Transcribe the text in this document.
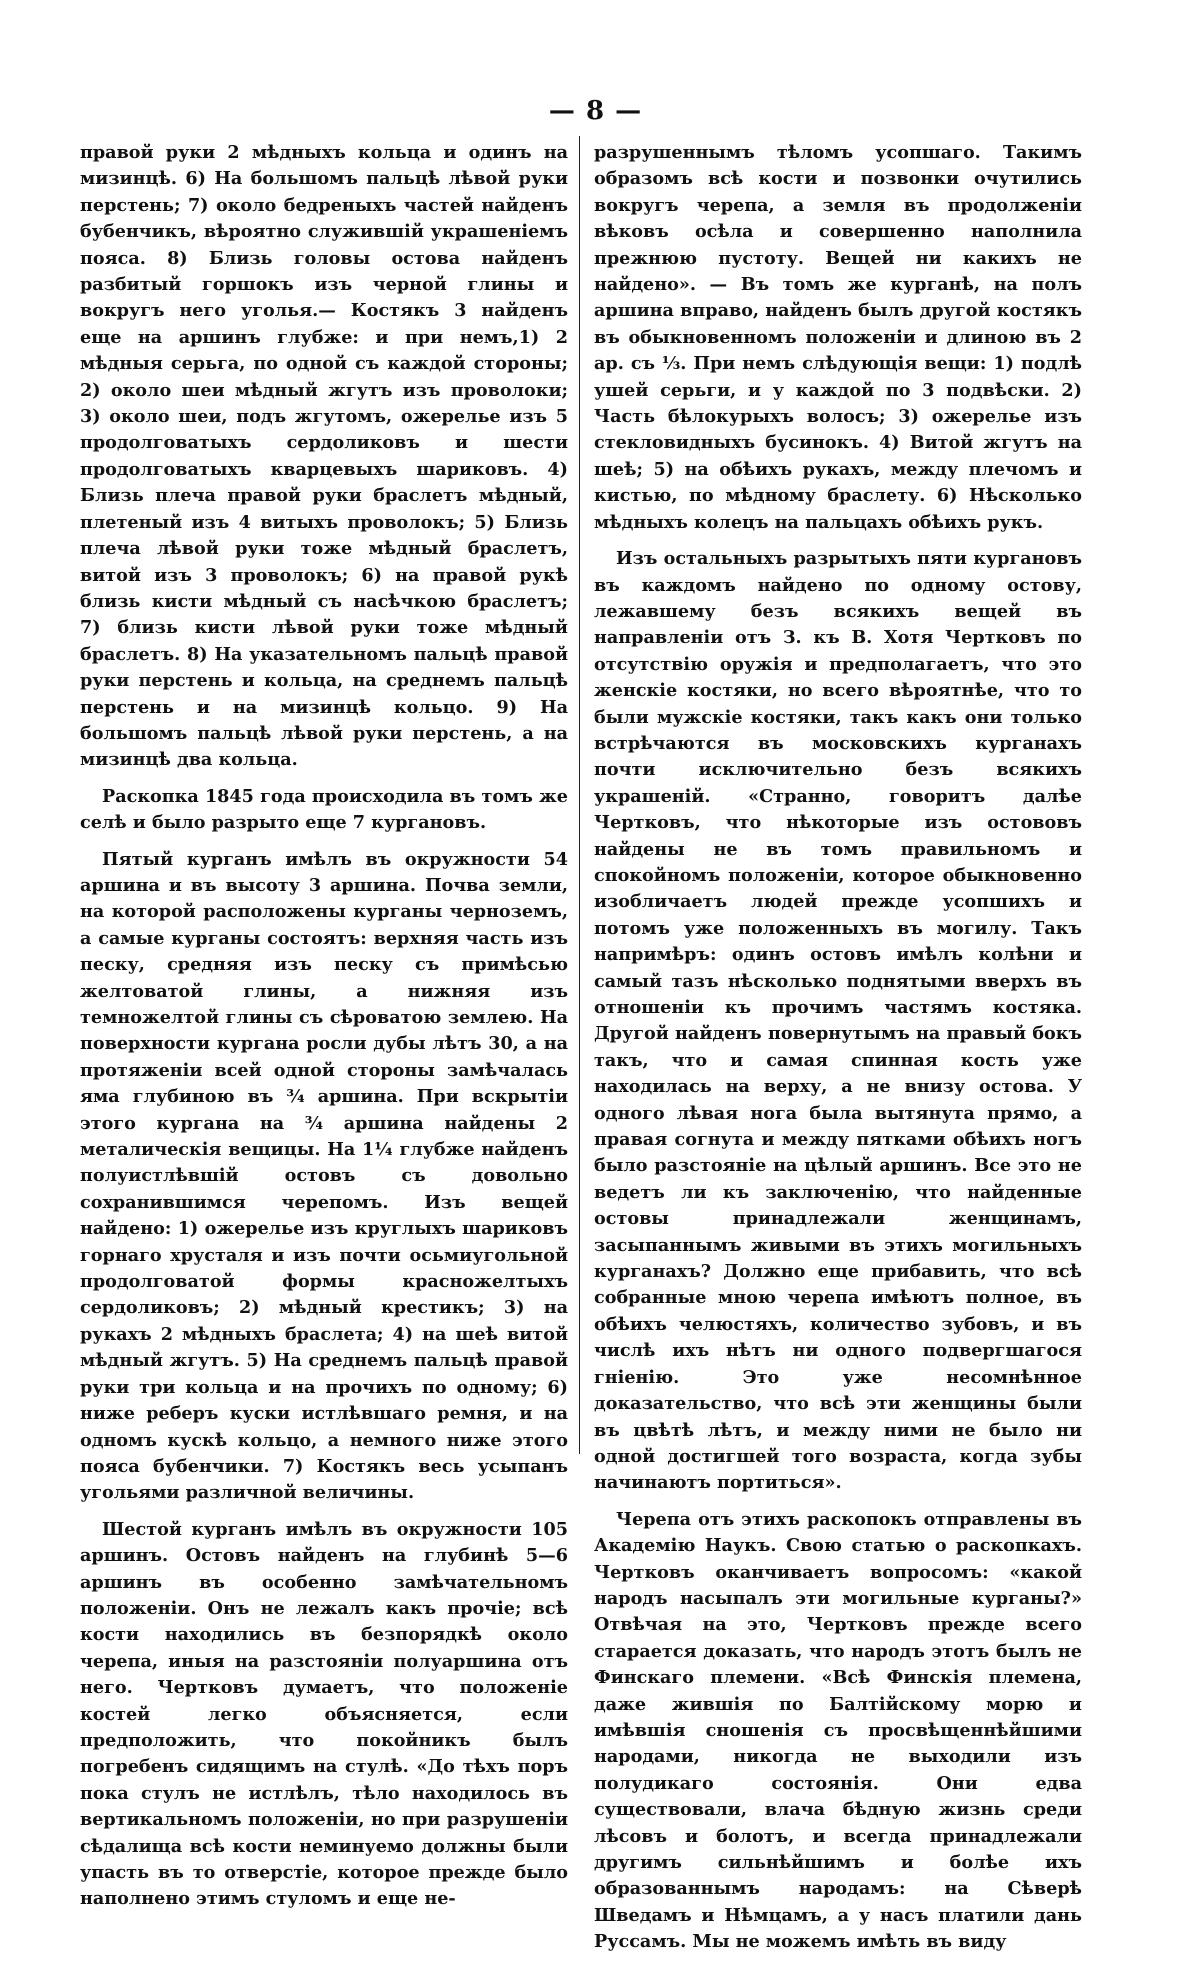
— 8 —

правой руки 2 мѣдныхъ кольца и одинъ на мизинцѣ. 6) На большомъ пальцѣ лѣвой руки перстень; 7) около бедреныхъ частей найденъ бубенчикъ, вѣроятно служившій украшеніемъ пояса. 8) Близь головы остова найденъ разбитый горшокъ изъ черной глины и вокругъ него уголья.— Костякъ 3 найденъ еще на аршинъ глубже: и при немъ,1) 2 мѣдныя серьга, по одной съ каждой стороны; 2) около шеи мѣдный жгутъ изъ проволоки; 3) около шеи, подъ жгутомъ, ожерелье изъ 5 продолговатыхъ сердоликовъ и шести продолговатыхъ кварцевыхъ шариковъ. 4) Близь плеча правой руки браслетъ мѣдный, плетеный изъ 4 витыхъ проволокъ; 5) Близь плеча лѣвой руки тоже мѣдный браслетъ, витой изъ 3 проволокъ; 6) на правой рукѣ близь кисти мѣдный съ насѣчкою браслетъ; 7) близь кисти лѣвой руки тоже мѣдный браслетъ. 8) На указательномъ пальцѣ правой руки перстень и кольца, на среднемъ пальцѣ перстень и на мизинцѣ кольцо. 9) На большомъ пальцѣ лѣвой руки перстень, а на мизинцѣ два кольца.

Раскопка 1845 года происходила въ томъ же селѣ и было разрыто еще 7 кургановъ.

Пятый курганъ имѣлъ въ окружности 54 аршина и въ высоту 3 аршина. Почва земли, на которой расположены курганы черноземъ, а самые курганы состоятъ: верхняя часть изъ песку, средняя изъ песку съ примѣсью желтоватой глины, а нижняя изъ темножелтой глины съ сѣроватою землею. На поверхности кургана росли дубы лѣтъ 30, а на протяженіи всей одной стороны замѣчалась яма глубиною въ ¾ аршина. При вскрытіи этого кургана на ¾ аршина найдены 2 металическія вещицы. На 1¼ глубже найденъ полуистлѣвшій остовъ съ довольно сохранившимся черепомъ. Изъ вещей найдено: 1) ожерелье изъ круглыхъ шариковъ горнаго хрусталя и изъ почти осьмиугольной продолговатой формы красножелтыхъ сердоликовъ; 2) мѣдный крестикъ; 3) на рукахъ 2 мѣдныхъ браслета; 4) на шеѣ витой мѣдный жгутъ. 5) На среднемъ пальцѣ правой руки три кольца и на прочихъ по одному; 6) ниже реберъ куски истлѣвшаго ремня, и на одномъ кускѣ кольцо, а немного ниже этого пояса бубенчики. 7) Костякъ весь усыпанъ угольями различной величины.

Шестой курганъ имѣлъ въ окружности 105 аршинъ. Остовъ найденъ на глубинѣ 5—6 аршинъ въ особенно замѣчательномъ положеніи. Онъ не лежалъ какъ прочіе; всѣ кости находились въ безпорядкѣ около черепа, иныя на разстояніи полуаршина отъ него. Чертковъ думаетъ, что положеніе костей легко объясняется, если предположить, что покойникъ былъ погребенъ сидящимъ на стулѣ. «До тѣхъ поръ пока стулъ не истлѣлъ, тѣло находилось въ вертикальномъ положеніи, но при разрушеніи сѣдалища всѣ кости неминуемо должны были упасть въ то отверстіе, которое прежде было наполнено этимъ стуломъ и еще не-

разрушеннымъ тѣломъ усопшаго. Такимъ образомъ всѣ кости и позвонки очутились вокругъ черепа, а земля въ продолженіи вѣковъ осѣла и совершенно наполнила прежнюю пустоту. Вещей ни какихъ не найдено». — Въ томъ же курганѣ, на полъ аршина вправо, найденъ былъ другой костякъ въ обыкновенномъ положеніи и длиною въ 2 ар. съ ⅓. При немъ слѣдующія вещи: 1) подлѣ ушей серьги, и у каждой по 3 подвѣски. 2) Часть бѣлокурыхъ волосъ; 3) ожерелье изъ стекловидныхъ бусинокъ. 4) Витой жгутъ на шеѣ; 5) на обѣихъ рукахъ, между плечомъ и кистью, по мѣдному браслету. 6) Нѣсколько мѣдныхъ колецъ на пальцахъ обѣихъ рукъ.

Изъ остальныхъ разрытыхъ пяти кургановъ въ каждомъ найдено по одному остову, лежавшему безъ всякихъ вещей въ направленіи отъ З. къ В. Хотя Чертковъ по отсутствію оружія и предполагаетъ, что это женскіе костяки, но всего вѣроятнѣе, что то были мужскіе костяки, такъ какъ они только встрѣчаются въ московскихъ курганахъ почти исключительно безъ всякихъ украшеній. «Странно, говоритъ далѣе Чертковъ, что нѣкоторые изъ остововъ найдены не въ томъ правильномъ и спокойномъ положеніи, которое обыкновенно изобличаетъ людей прежде усопшихъ и потомъ уже положенныхъ въ могилу. Такъ напримѣръ: одинъ остовъ имѣлъ колѣни и самый тазъ нѣсколько поднятыми вверхъ въ отношеніи къ прочимъ частямъ костяка. Другой найденъ повернутымъ на правый бокъ такъ, что и самая спинная кость уже находилась на верху, а не внизу остова. У одного лѣвая нога была вытянута прямо, а правая согнута и между пятками обѣихъ ногъ было разстояніе на цѣлый аршинъ. Все это не ведетъ ли къ заключенію, что найденные остовы принадлежали женщинамъ, засыпаннымъ живыми въ этихъ могильныхъ курганахъ? Должно еще прибавить, что всѣ собранные мною черепа имѣютъ полное, въ обѣихъ челюстяхъ, количество зубовъ, и въ числѣ ихъ нѣтъ ни одного подвергшагося гніенію. Это уже несомнѣнное доказательство, что всѣ эти женщины были въ цвѣтѣ лѣтъ, и между ними не было ни одной достигшей того возраста, когда зубы начинаютъ портиться».

Черепа отъ этихъ раскопокъ отправлены въ Академію Наукъ. Свою статью о раскопкахъ. Чертковъ оканчиваетъ вопросомъ: «какой народъ насыпалъ эти могильные курганы?» Отвѣчая на это, Чертковъ прежде всего старается доказать, что народъ этотъ былъ не Финскаго племени. «Всѣ Финскія племена, даже жившія по Балтійскому морю и имѣвшія сношенія съ просвѣщеннѣйшими народами, никогда не выходили изъ полудикаго состоянія. Они едва существовали, влача бѣдную жизнь среди лѣсовъ и болотъ, и всегда принадлежали другимъ сильнѣйшимъ и болѣе ихъ образованнымъ народамъ: на Сѣверѣ Шведамъ и Нѣмцамъ, а у насъ платили дань Руссамъ. Мы не можемъ имѣть въ виду
